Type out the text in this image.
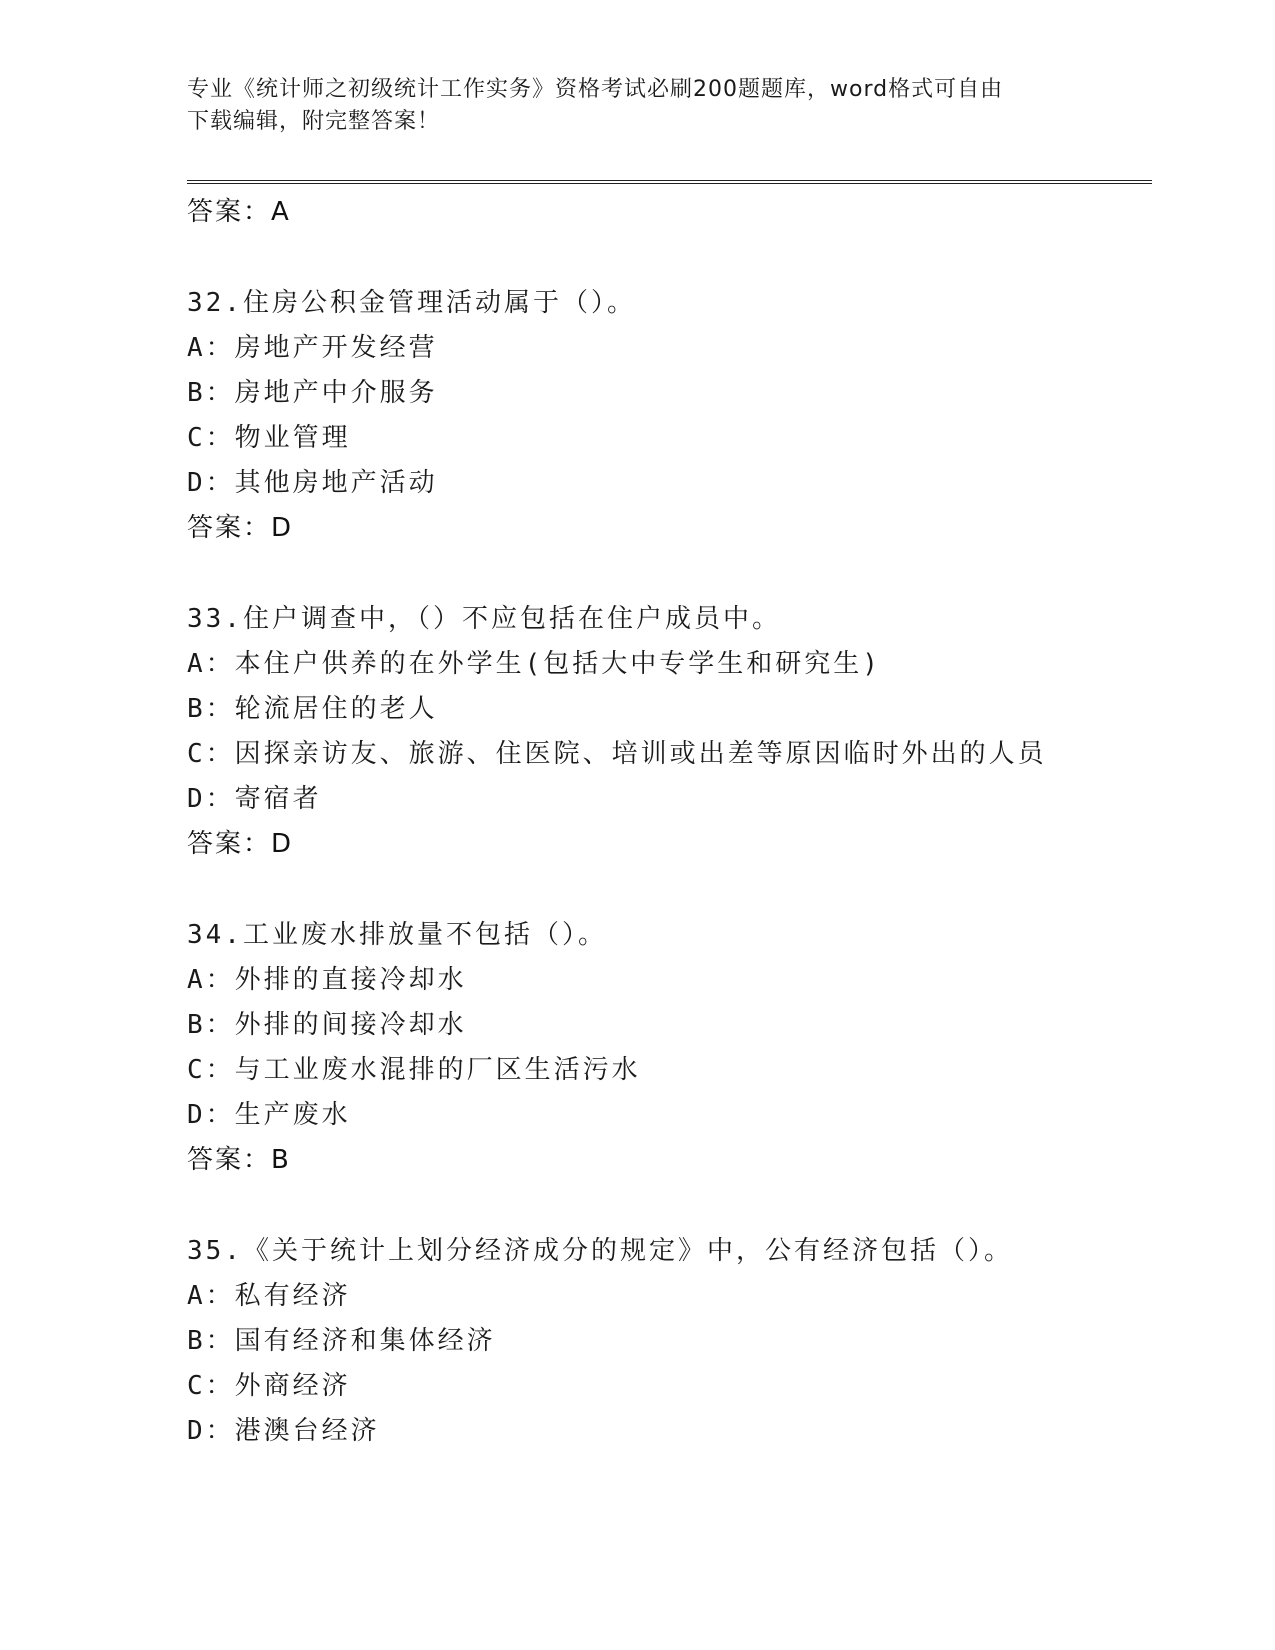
专业《统计师之初级统计工作实务》资格考试必刷200题题库，word格式可自由
下载编辑，附完整答案！
答案：A
32.住房公积金管理活动属于（）。
A：房地产开发经营
B：房地产中介服务
C：物业管理
D：其他房地产活动
答案：D
33.住户调查中，（）不应包括在住户成员中。
A：本住户供养的在外学生(包括大中专学生和研究生)
B：轮流居住的老人
C：因探亲访友、旅游、住医院、培训或出差等原因临时外出的人员
D：寄宿者
答案：D
34.工业废水排放量不包括（）。
A：外排的直接冷却水
B：外排的间接冷却水
C：与工业废水混排的厂区生活污水
D：生产废水
答案：B
35.《关于统计上划分经济成分的规定》中，公有经济包括（）。
A：私有经济
B：国有经济和集体经济
C：外商经济
D：港澳台经济
